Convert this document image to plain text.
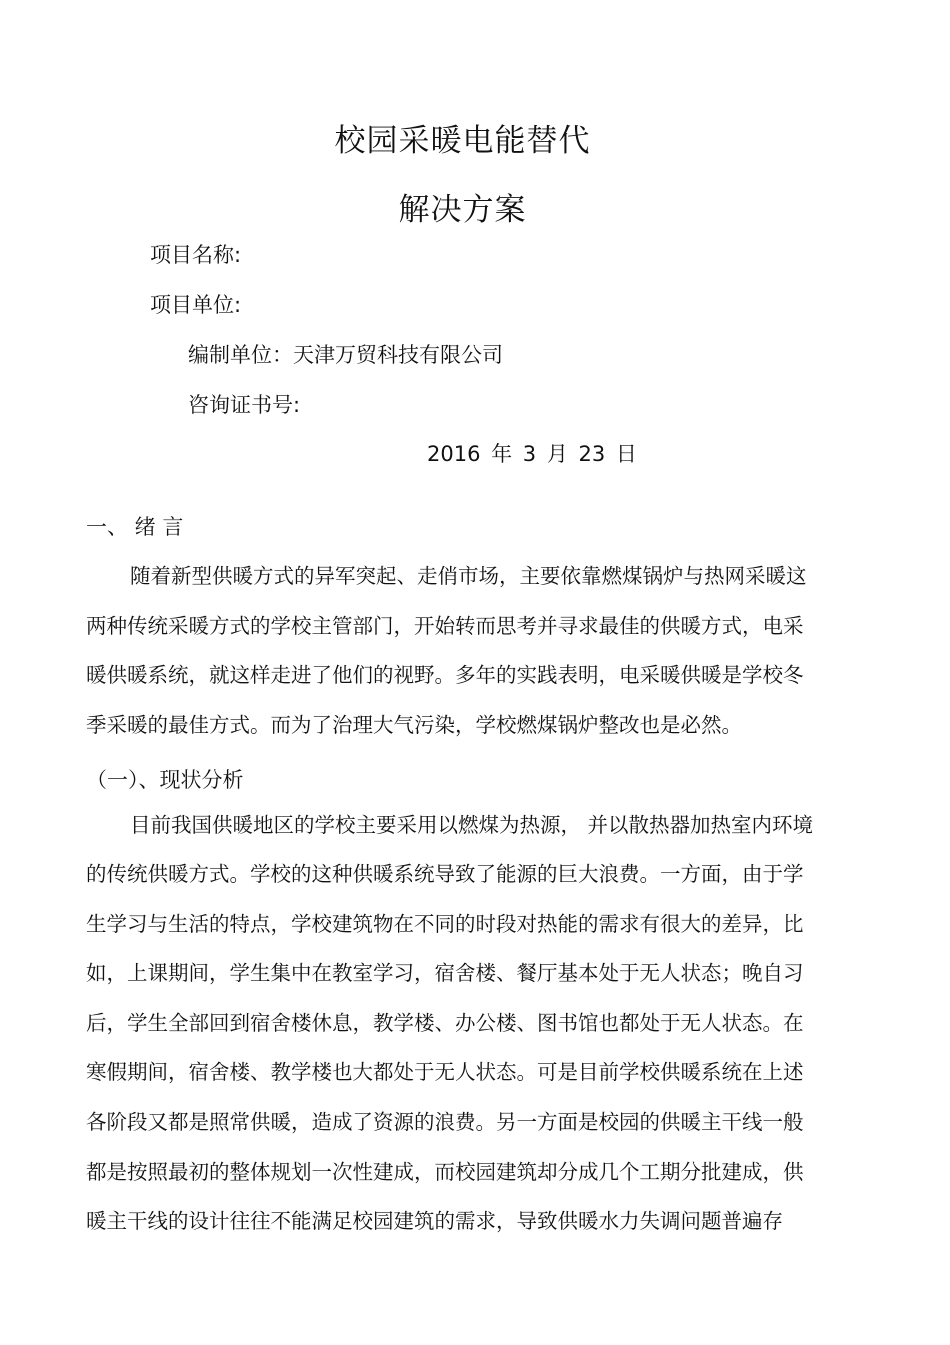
校园采暖电能替代
解决方案
项目名称:
项目单位:
编制单位：天津万贸科技有限公司
咨询证书号:
2016 年 3 月 23 日
一、 绪 言
随着新型供暖方式的异军突起、走俏市场，主要依靠燃煤锅炉与热网采暖这
两种传统采暖方式的学校主管部门，开始转而思考并寻求最佳的供暖方式，电采
暖供暖系统，就这样走进了他们的视野。多年的实践表明，电采暖供暖是学校冬
季采暖的最佳方式。而为了治理大气污染，学校燃煤锅炉整改也是必然。
（一）、现状分析
目前我国供暖地区的学校主要采用以燃煤为热源， 并以散热器加热室内环境
的传统供暖方式。学校的这种供暖系统导致了能源的巨大浪费。一方面，由于学
生学习与生活的特点，学校建筑物在不同的时段对热能的需求有很大的差异，比
如，上课期间，学生集中在教室学习，宿舍楼、餐厅基本处于无人状态；晚自习
后，学生全部回到宿舍楼休息，教学楼、办公楼、图书馆也都处于无人状态。在
寒假期间，宿舍楼、教学楼也大都处于无人状态。可是目前学校供暖系统在上述
各阶段又都是照常供暖，造成了资源的浪费。另一方面是校园的供暖主干线一般
都是按照最初的整体规划一次性建成，而校园建筑却分成几个工期分批建成，供
暖主干线的设计往往不能满足校园建筑的需求，导致供暖水力失调问题普遍存
